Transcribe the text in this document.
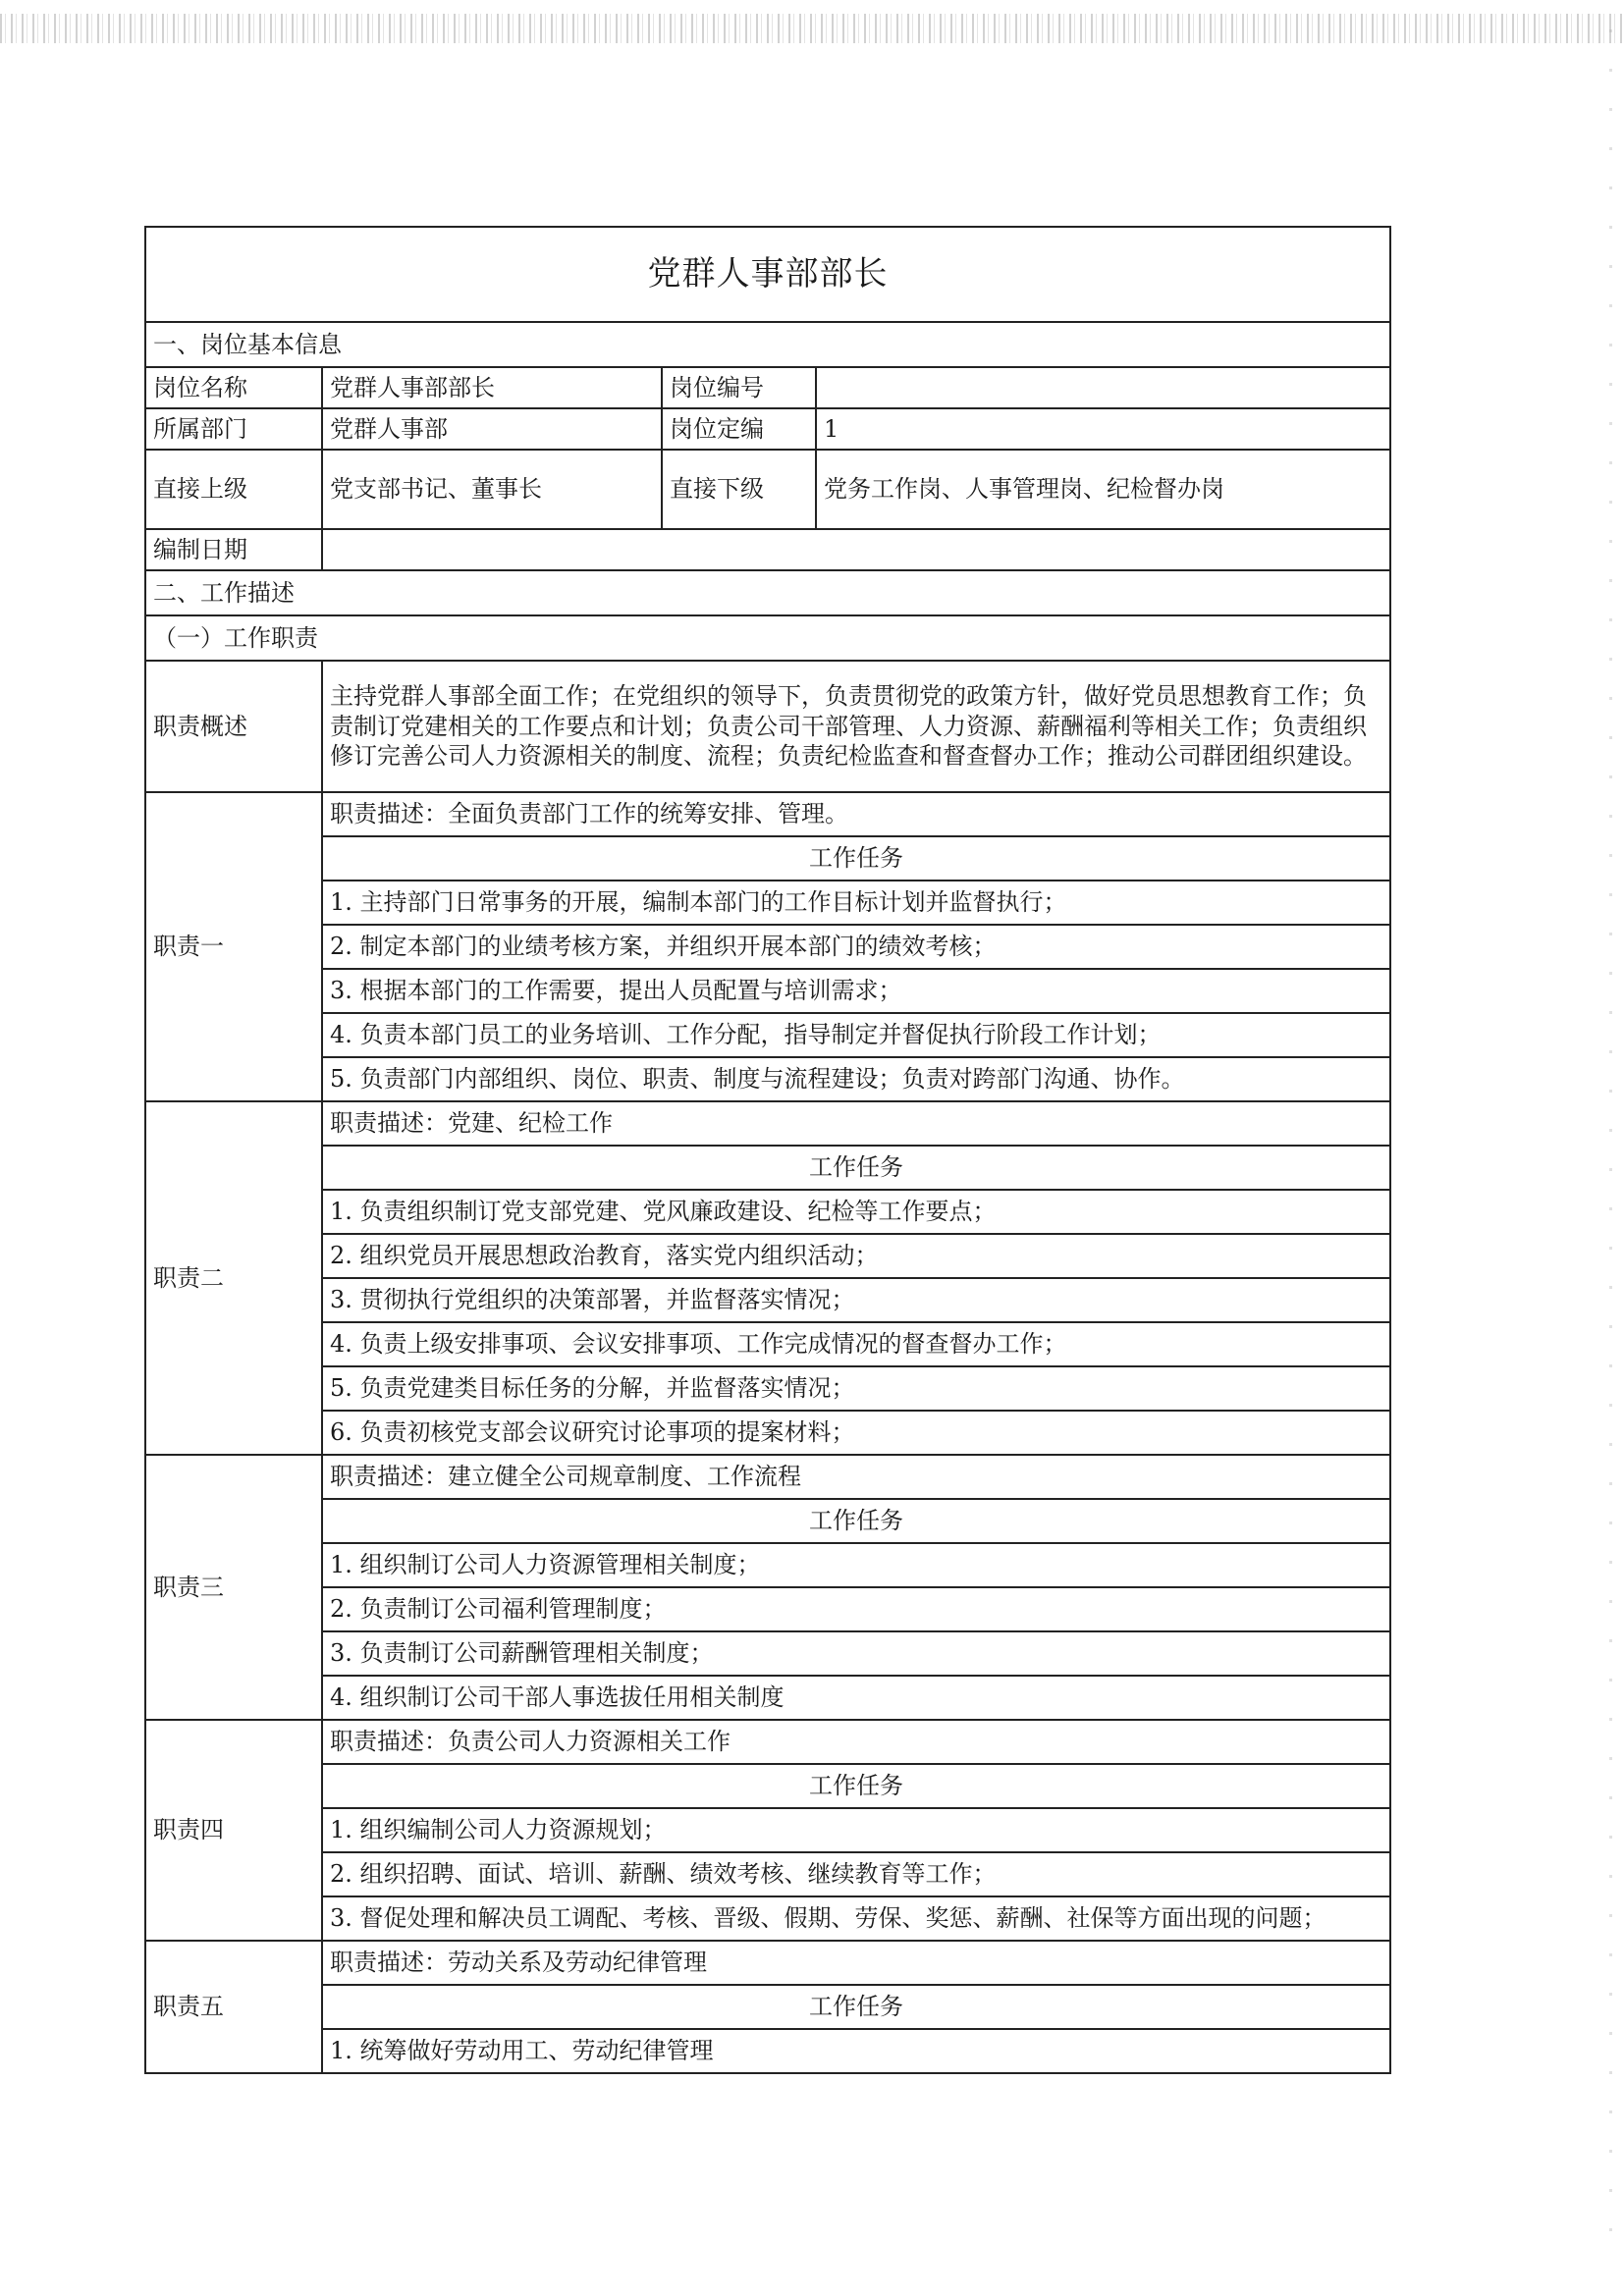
党群人事部部长			
一、岗位基本信息			
岗位名称	党群人事部部长	岗位编号	
所属部门	党群人事部	岗位定编	1
直接上级	党支部书记、董事长	直接下级	党务工作岗、人事管理岗、纪检督办岗
编制日期			
二、工作描述			
（一）工作职责			
职责概述	主持党群人事部全面工作；在党组织的领导下，负责贯彻党的政策方针，做好党员思想教育工作；负责制订党建相关的工作要点和计划；负责公司干部管理、人力资源、薪酬福利等相关工作；负责组织修订完善公司人力资源相关的制度、流程；负责纪检监查和督查督办工作；推动公司群团组织建设。		
职责一	职责描述：全面负责部门工作的统筹安排、管理。		
	工作任务		
	1. 主持部门日常事务的开展，编制本部门的工作目标计划并监督执行；		
	2. 制定本部门的业绩考核方案，并组织开展本部门的绩效考核；		
	3. 根据本部门的工作需要，提出人员配置与培训需求；		
	4. 负责本部门员工的业务培训、工作分配，指导制定并督促执行阶段工作计划；		
	5. 负责部门内部组织、岗位、职责、制度与流程建设；负责对跨部门沟通、协作。		
职责二	职责描述：党建、纪检工作		
	工作任务		
	1. 负责组织制订党支部党建、党风廉政建设、纪检等工作要点；		
	2. 组织党员开展思想政治教育，落实党内组织活动；		
	3. 贯彻执行党组织的决策部署，并监督落实情况；		
	4. 负责上级安排事项、会议安排事项、工作完成情况的督查督办工作；		
	5. 负责党建类目标任务的分解，并监督落实情况；		
	6. 负责初核党支部会议研究讨论事项的提案材料；		
职责三	职责描述：建立健全公司规章制度、工作流程		
	工作任务		
	1. 组织制订公司人力资源管理相关制度；		
	2. 负责制订公司福利管理制度；		
	3. 负责制订公司薪酬管理相关制度；		
	4. 组织制订公司干部人事选拔任用相关制度		
职责四	职责描述：负责公司人力资源相关工作		
	工作任务		
	1. 组织编制公司人力资源规划；		
	2. 组织招聘、面试、培训、薪酬、绩效考核、继续教育等工作；		
	3. 督促处理和解决员工调配、考核、晋级、假期、劳保、奖惩、薪酬、社保等方面出现的问题；		
职责五	职责描述：劳动关系及劳动纪律管理		
	工作任务		
	1. 统筹做好劳动用工、劳动纪律管理		
